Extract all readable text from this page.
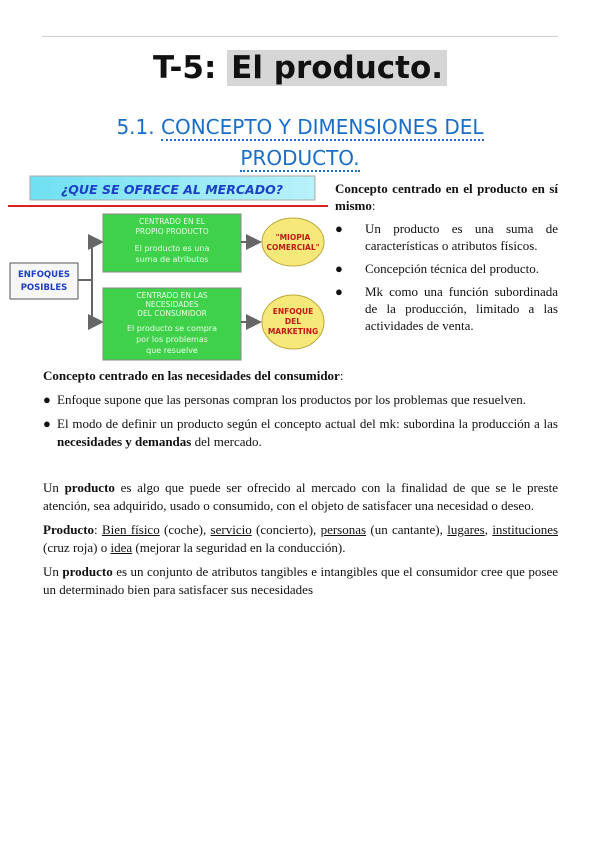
T-5: El producto.
5.1. CONCEPTO Y DIMENSIONES DEL
PRODUCTO.
¿QUE SE OFRECE AL MERCADO?
ENFOQUES
POSIBLES
CENTRADO EN EL
PROPIO PRODUCTO
El producto es una
suma de atributos
CENTRADO EN LAS
NECESIDADES
DEL CONSUMIDOR
El producto se compra
por los problemas
que resuelve
"MIOPIA
COMERCIAL"
ENFOQUE
DEL
MARKETING

Concepto centrado en el producto en sí mismo:

●	Un producto es una suma de características o atributos físicos.

●	Concepción técnica del producto.

●	Mk como una función subordinada de la producción, limitado a las actividades de venta.

Concepto centrado en las necesidades del consumidor:

● Enfoque supone que las personas compran los productos por los problemas que resuelven.
● El modo de definir un producto según el concepto actual del mk: subordina la producción a las necesidades y demandas del mercado.

Un producto es algo que puede ser ofrecido al mercado con la finalidad de que se le preste atención, sea adquirido, usado o consumido, con el objeto de satisfacer una necesidad o deseo.

Producto: Bien físico (coche), servicio (concierto), personas (un cantante), lugares, instituciones (cruz roja) o idea (mejorar la seguridad en la conducción).

Un producto es un conjunto de atributos tangibles e intangibles que el consumidor cree que posee un determinado bien para satisfacer sus necesidades
